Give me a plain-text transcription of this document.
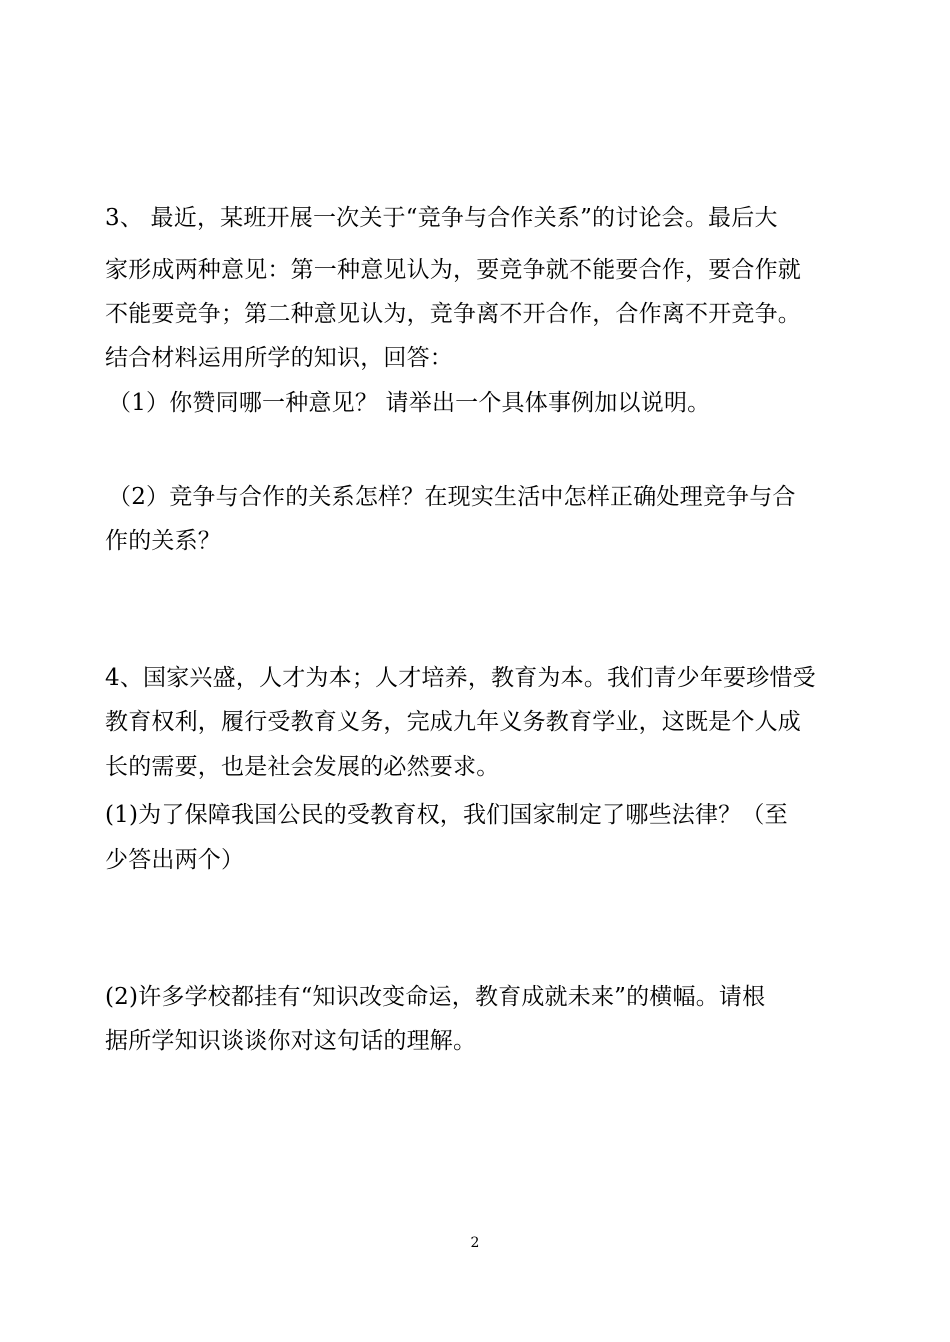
3、 最近，某班开展一次关于“竞争与合作关系”的讨论会。最后大
家形成两种意见：第一种意见认为，要竞争就不能要合作，要合作就
不能要竞争；第二种意见认为，竞争离不开合作，合作离不开竞争。
结合材料运用所学的知识，回答：
（1）你赞同哪一种意见？ 请举出一个具体事例加以说明。
（2）竞争与合作的关系怎样？在现实生活中怎样正确处理竞争与合
作的关系？
4、国家兴盛，人才为本；人才培养，教育为本。我们青少年要珍惜受
教育权利，履行受教育义务，完成九年义务教育学业，这既是个人成
长的需要，也是社会发展的必然要求。
(1)为了保障我国公民的受教育权，我们国家制定了哪些法律？（至
少答出两个）
(2)许多学校都挂有“知识改变命运，教育成就未来”的横幅。请根
据所学知识谈谈你对这句话的理解。
2
